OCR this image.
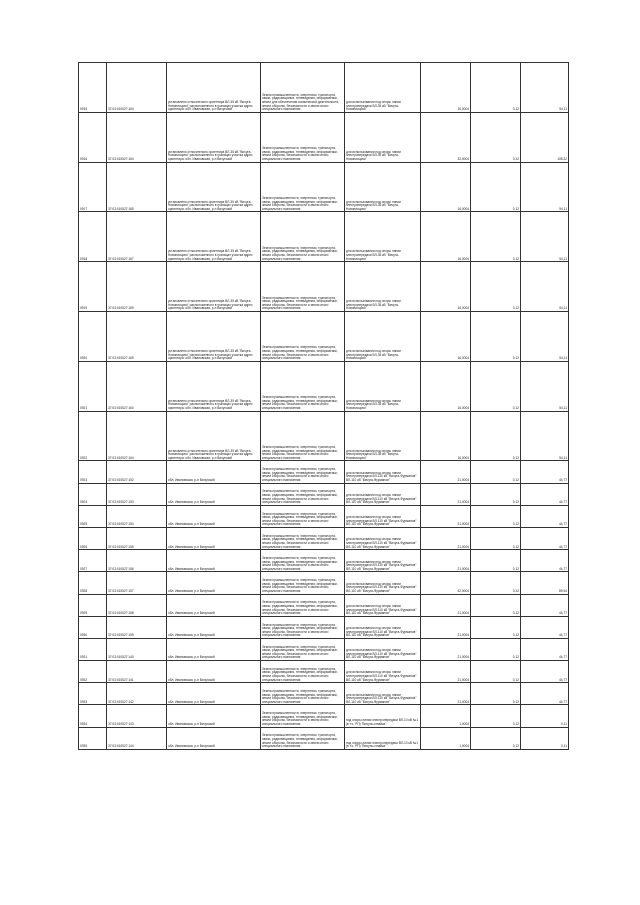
0915	37:03:010527:164	установлено относительно ориентира ВЛ-35 кВ "Вичуга-Новописцово" расположенного в границах участка адрес ориентира: обл. Ивановская, р-н Вичугский	Земли промышленности, энергетики, транспорта, связи, радиовещания, телевидения, информатики, земли для обеспечения космической деятельности, земли обороны, безопасности и земли иного специального назначения	для использования под опоры линии электропередачи ВЛ-35 кВ "Вичуга-Новописцово"	16,0004	0,12	54,11
0916	37:03:010527:164	установлено относительно ориентира ВЛ-35 кВ "Вичуга-Новописцово" расположенного в границах участка адрес ориентира: обл. Ивановская, р-н Вичугский	Земли промышленности, энергетики, транспорта, связи, радиовещания, телевидения, информатики, земли обороны, безопасности и земли иного специального назначения	для использования под опоры линии электропередачи ВЛ-35 кВ "Вичуга-Новописцово"	32,0004	0,12	108,22
0917	37:03:010527:165	установлено относительно ориентира ВЛ-35 кВ "Вичуга-Новописцово" расположенного в границах участка адрес ориентира: обл. Ивановская, р-н Вичугский	Земли промышленности, энергетики, транспорта, связи, радиовещания, телевидения, информатики, земли обороны, безопасности и земли иного специального назначения	для использования под опоры линии электропередачи ВЛ-35 кВ "Вичуга-Новописцово"	16,0004	0,12	54,11
0918	37:03:010527:167	установлено относительно ориентира ВЛ-35 кВ "Вичуга-Новописцово" расположенного в границах участка адрес ориентира: обл. Ивановская, р-н Вичугский	Земли промышленности, энергетики, транспорта, связи, радиовещания, телевидения, информатики, земли обороны, безопасности и земли иного специального назначения	для использования под опоры линии электропередачи ВЛ-35 кВ "Вичуга-Новописцово"	16,0004	0,12	54,11
0919	37:03:010527:169	установлено относительно ориентира ВЛ-35 кВ "Вичуга-Новописцово" расположенного в границах участка адрес ориентира: обл. Ивановская, р-н Вичугский	Земли промышленности, энергетики, транспорта, связи, радиовещания, телевидения, информатики, земли обороны, безопасности и земли иного специального назначения	для использования под опоры линии электропередачи ВЛ-35 кВ "Вичуга-Новописцово"	16,0004	0,12	54,11
0920	37:03:010527:169	установлено относительно ориентира ВЛ-35 кВ "Вичуга-Новописцово" расположенного в границах участка адрес ориентира: обл. Ивановская, р-н Вичугский	Земли промышленности, энергетики, транспорта, связи, радиовещания, телевидения, информатики, земли обороны, безопасности и земли иного специального назначения	для использования под опоры линии электропередачи ВЛ-35 кВ "Вичуга-Новописцово"	16,0004	0,12	54,11
0921	37:03:010527:160	установлено относительно ориентира ВЛ-35 кВ "Вичуга-Новописцово" расположенного в границах участка адрес ориентира: обл. Ивановская, р-н Вичугский	Земли промышленности, энергетики, транспорта, связи, радиовещания, телевидения, информатики, земли обороны, безопасности и земли иного специального назначения	для использования под опоры линии электропередачи ВЛ-35 кВ "Вичуга-Новописцово"	16,0004	0,12	54,11
0922	37:03:010527:164	установлено относительно ориентира ВЛ-35 кВ "Вичуга-Новописцово" расположенного в границах участка адрес ориентира: обл. Ивановская, р-н Вичугский	Земли промышленности, энергетики, транспорта, связи, радиовещания, телевидения, информатики, земли обороны, безопасности и земли иного специального назначения	для использования под опоры линии электропередачи ВЛ-35 кВ "Вичуга-Новописцово"	16,0004	0,12	54,11
0923	37:03:010527:152	обл. Ивановская, р-н Вичугский	Земли промышленности, энергетики, транспорта, связи, радиовещания, телевидения, информатики, земли обороны, безопасности и земли иного специального назначения	для использования под опоры линии электропередачи ВЛ-110 кВ "Вичуга-Фурманов" ВЛ-110 кВ "Вичуга-Фурманов"	21,0004	0,12	44,77
0924	37:03:010527:153	обл. Ивановская, р-н Вичугский	Земли промышленности, энергетики, транспорта, связи, радиовещания, телевидения, информатики, земли обороны, безопасности и земли иного специального назначения	для использования под опоры линии электропередачи ВЛ-110 кВ "Вичуга-Фурманов" ВЛ-110 кВ "Вичуга-Фурманов"	21,0004	0,12	44,77
0925	37:03:010527:154	обл. Ивановская, р-н Вичугский	Земли промышленности, энергетики, транспорта, связи, радиовещания, телевидения, информатики, земли обороны, безопасности и земли иного специального назначения	для использования под опоры линии электропередачи ВЛ-110 кВ "Вичуга-Фурманов" ВЛ-110 кВ "Вичуга-Фурманов"	21,0004	0,12	44,77
0926	37:03:010527:155	обл. Ивановская, р-н Вичугский	Земли промышленности, энергетики, транспорта, связи, радиовещания, телевидения, информатики, земли обороны, безопасности и земли иного специального назначения	для использования под опоры линии электропередачи ВЛ-110 кВ "Вичуга-Фурманов" ВЛ-110 кВ "Вичуга-Фурманов"	21,0004	0,12	44,77
0927	37:03:010527:156	обл. Ивановская, р-н Вичугский	Земли промышленности, энергетики, транспорта, связи, радиовещания, телевидения, информатики, земли обороны, безопасности и земли иного специального назначения	для использования под опоры линии электропередачи ВЛ-110 кВ "Вичуга-Фурманов" ВЛ-110 кВ "Вичуга-Фурманов"	21,0004	0,12	44,77
0928	37:03:010527:157	обл. Ивановская, р-н Вичугский	Земли промышленности, энергетики, транспорта, связи, радиовещания, телевидения, информатики, земли обороны, безопасности и земли иного специального назначения	для использования под опоры линии электропередачи ВЛ-110 кВ "Вичуга-Фурманов" ВЛ-110 кВ "Вичуга-Фурманов"	42,0004	0,12	89,54
0929	37:03:010527:158	обл. Ивановская, р-н Вичугский	Земли промышленности, энергетики, транспорта, связи, радиовещания, телевидения, информатики, земли обороны, безопасности и земли иного специального назначения	для использования под опоры линии электропередачи ВЛ-110 кВ "Вичуга-Фурманов" ВЛ-110 кВ "Вичуга-Фурманов"	21,0004	0,12	44,77
0930	37:03:010527:159	обл. Ивановская, р-н Вичугский	Земли промышленности, энергетики, транспорта, связи, радиовещания, телевидения, информатики, земли обороны, безопасности и земли иного специального назначения	для использования под опоры линии электропередачи ВЛ-110 кВ "Вичуга-Фурманов" ВЛ-110 кВ "Вичуга-Фурманов"	21,0004	0,12	44,77
0931	37:03:010527:140	обл. Ивановская, р-н Вичугский	Земли промышленности, энергетики, транспорта, связи, радиовещания, телевидения, информатики, земли обороны, безопасности и земли иного специального назначения	для использования под опоры линии электропередачи ВЛ-110 кВ "Вичуга-Фурманов" ВЛ-110 кВ "Вичуга-Фурманов"	21,0004	0,12	44,77
0932	37:03:010527:141	обл. Ивановская, р-н Вичугский	Земли промышленности, энергетики, транспорта, связи, радиовещания, телевидения, информатики, земли обороны, безопасности и земли иного специального назначения	для использования под опоры линии электропередачи ВЛ-110 кВ "Вичуга-Фурманов" ВЛ-110 кВ "Вичуга-Фурманов"	21,0004	0,12	44,77
0933	37:03:010527:142	обл. Ивановская, р-н Вичугский	Земли промышленности, энергетики, транспорта, связи, радиовещания, телевидения, информатики, земли обороны, безопасности и земли иного специального назначения	для использования под опоры линии электропередачи ВЛ-110 кВ "Вичуга-Фурманов" ВЛ-110 кВ "Вичуга-Фурманов"	21,0004	0,12	44,77
0934	37:03:010527:143	обл. Ивановская, р-н Вичугский	Земли промышленности, энергетики, транспорта, связи, радиовещания, телевидения, информатики, земли обороны, безопасности и земли иного специального назначения	под опоры линии электропередачи ВЛ-10 кВ №1 (в т.ч. РП) "Вичуга-отпайка"	1,0004	0,12	0,11
0935	37:03:010527:144	обл. Ивановская, р-н Вичугский	Земли промышленности, энергетики, транспорта, связи, радиовещания, телевидения, информатики, земли обороны, безопасности и земли иного специального назначения	под опоры линии электропередачи ВЛ-10 кВ №1 (в т.ч. РП) "Вичуга-отпайка"	1,0004	0,12	0,11
